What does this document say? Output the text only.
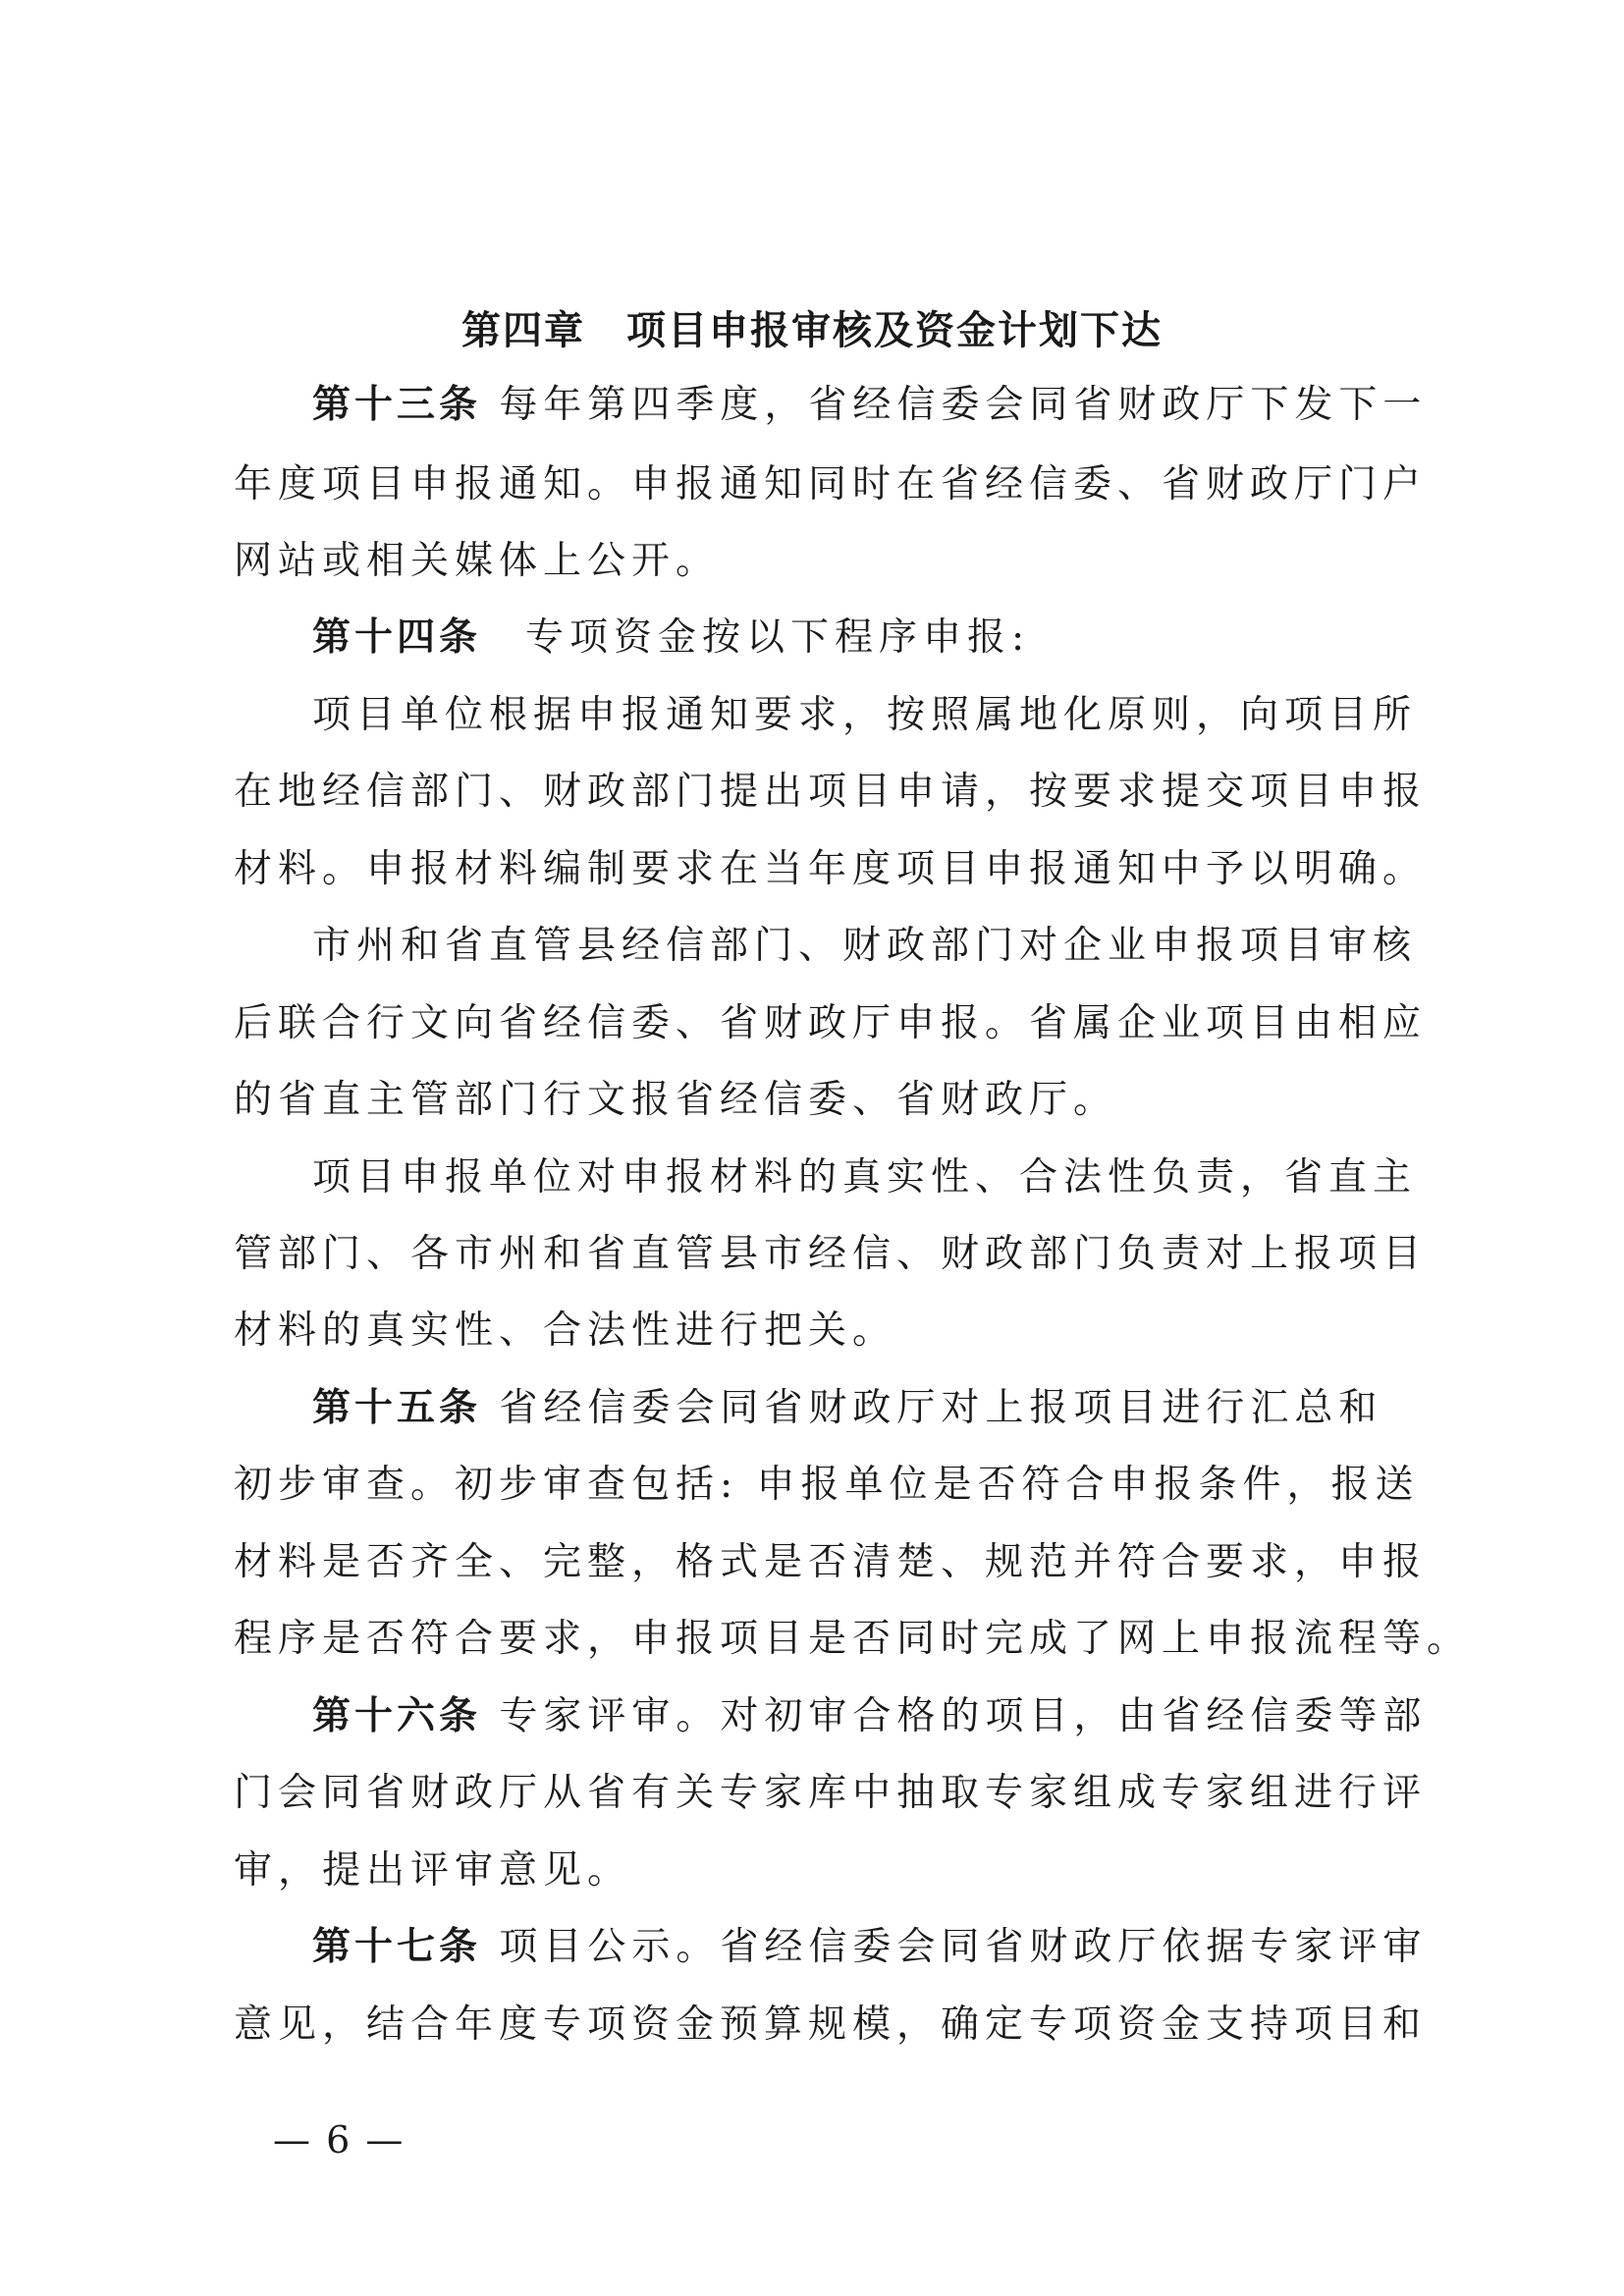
第四章　项目申报审核及资金计划下达
第十三条 每年第四季度，省经信委会同省财政厅下发下一
年度项目申报通知。申报通知同时在省经信委、省财政厅门户
网站或相关媒体上公开。
第十四条　专项资金按以下程序申报:
项目单位根据申报通知要求，按照属地化原则，向项目所
在地经信部门、财政部门提出项目申请，按要求提交项目申报
材料。申报材料编制要求在当年度项目申报通知中予以明确。
市州和省直管县经信部门、财政部门对企业申报项目审核
后联合行文向省经信委、省财政厅申报。省属企业项目由相应
的省直主管部门行文报省经信委、省财政厅。
项目申报单位对申报材料的真实性、合法性负责，省直主
管部门、各市州和省直管县市经信、财政部门负责对上报项目
材料的真实性、合法性进行把关。
第十五条 省经信委会同省财政厅对上报项目进行汇总和
初步审查。初步审查包括: 申报单位是否符合申报条件，报送
材料是否齐全、完整，格式是否清楚、规范并符合要求，申报
程序是否符合要求，申报项目是否同时完成了网上申报流程等。
第十六条 专家评审。对初审合格的项目，由省经信委等部
门会同省财政厅从省有关专家库中抽取专家组成专家组进行评
审，提出评审意见。
第十七条 项目公示。省经信委会同省财政厅依据专家评审
意见，结合年度专项资金预算规模，确定专项资金支持项目和
— 6 —
